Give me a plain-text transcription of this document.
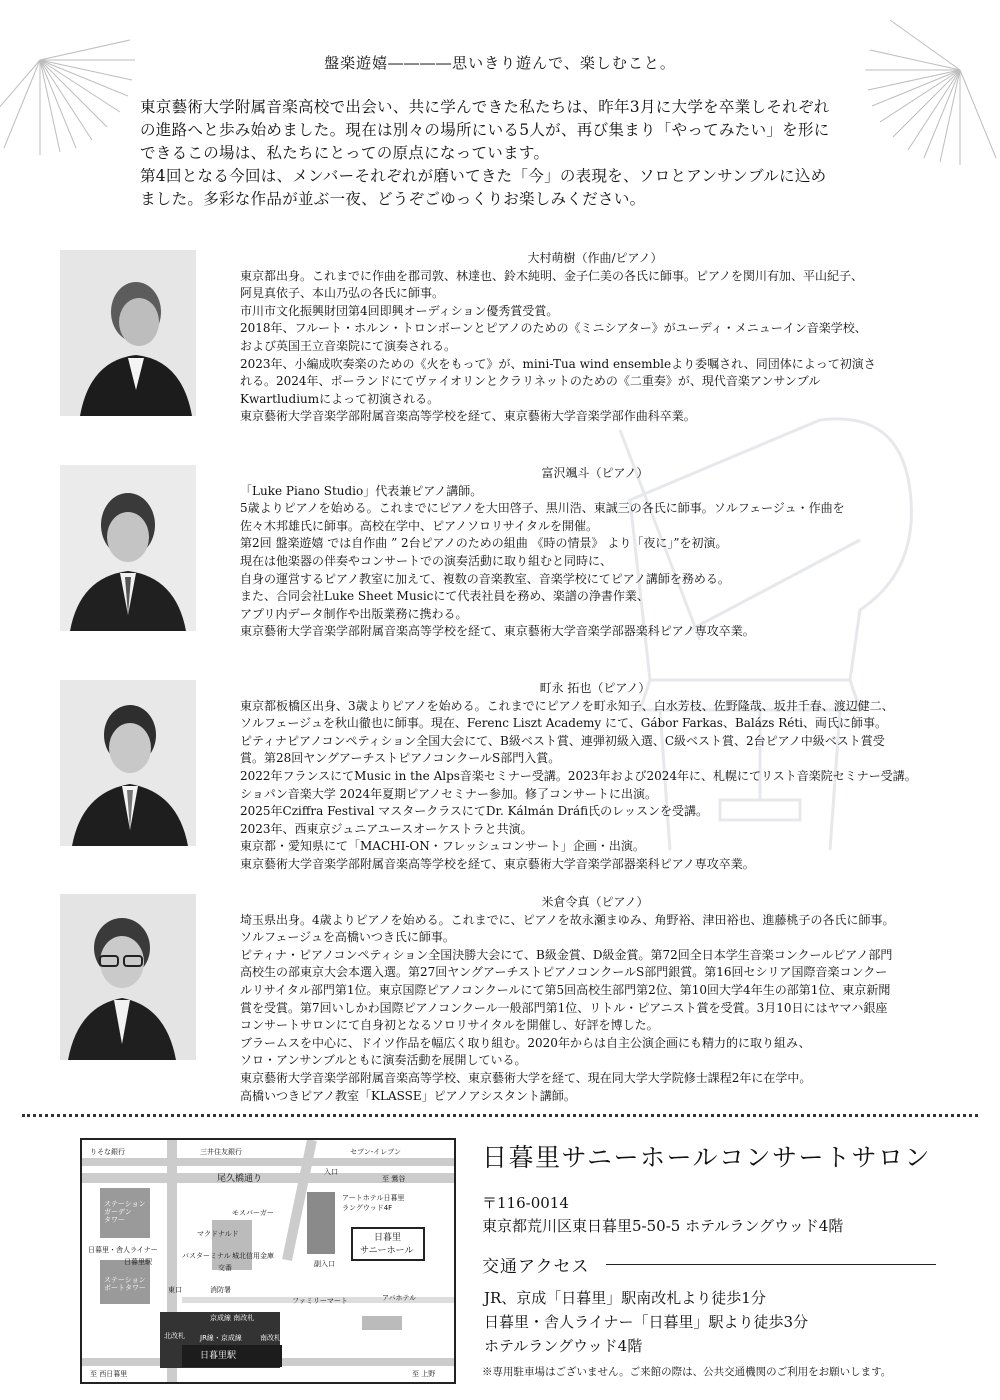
盤楽遊嬉――――思いきり遊んで、楽しむこと。

東京藝術大学附属音楽高校で出会い、共に学んできた私たちは、昨年3月に大学を卒業しそれぞれ

の進路へと歩み始めました。現在は別々の場所にいる5人が、再び集まり「やってみたい」を形に

できるこの場は、私たちにとっての原点になっています。

第4回となる今回は、メンバーそれぞれが磨いてきた「今」の表現を、ソロとアンサンブルに込め

ました。多彩な作品が並ぶ一夜、どうぞごゆっくりお楽しみください。

大村萌樹（作曲/ピアノ）
東京都出身。これまでに作曲を郡司敦、林達也、鈴木純明、金子仁美の各氏に師事。ピアノを関川有加、平山紀子、
阿見真依子、本山乃弘の各氏に師事。
市川市文化振興財団第4回即興オーディション優秀賞受賞。
2018年、フルート・ホルン・トロンボーンとピアノのための《ミニシアター》がユーディ・メニューイン音楽学校、
および英国王立音楽院にて演奏される。
2023年、小編成吹奏楽のための《火をもって》が、mini-Tua wind ensembleより委嘱され、同団体によって初演さ
れる。2024年、ポーランドにてヴァイオリンとクラリネットのための《二重奏》が、現代音楽アンサンブル
Kwartludiumによって初演される。
東京藝術大学音楽学部附属音楽高等学校を経て、東京藝術大学音楽学部作曲科卒業。
富沢颯斗（ピアノ）
「Luke Piano Studio」代表兼ピアノ講師。
5歳よりピアノを始める。これまでにピアノを大田啓子、黒川浩、東誠三の各氏に師事。ソルフェージュ・作曲を
佐々木邦雄氏に師事。高校在学中、ピアノソロリサイタルを開催。
第2回 盤楽遊嬉 では自作曲 ” 2台ピアノのための組曲 《時の情景》 より「夜に」”を初演。
現在は他楽器の伴奏やコンサートでの演奏活動に取り組むと同時に、
自身の運営するピアノ教室に加えて、複数の音楽教室、音楽学校にてピアノ講師を務める。
また、合同会社Luke Sheet Musicにて代表社員を務め、楽譜の浄書作業、
アプリ内データ制作や出版業務に携わる。
東京藝術大学音楽学部附属音楽高等学校を経て、東京藝術大学音楽学部器楽科ピアノ専攻卒業。
町永 拓也（ピアノ）
東京都板橋区出身、3歳よりピアノを始める。これまでにピアノを町永知子、白水芳枝、佐野隆哉、坂井千春、渡辺健二、
ソルフェージュを秋山徹也に師事。現在、Ferenc Liszt Academy にて、Gábor Farkas、Balázs Réti、両氏に師事。
ピティナピアノコンペティション全国大会にて、B級ベスト賞、連弾初級入選、C級ベスト賞、2台ピアノ中級ベスト賞受
賞。第28回ヤングアーチストピアノコンクールS部門入賞。
2022年フランスにてMusic in the Alps音楽セミナー受講。2023年および2024年に、札幌にてリスト音楽院セミナー受講。
ショパン音楽大学 2024年夏期ピアノセミナー参加。修了コンサートに出演。
2025年Cziffra Festival マスタークラスにてDr. Kálmán Dráfi氏のレッスンを受講。
2023年、西東京ジュニアユースオーケストラと共演。
東京都・愛知県にて「MACHI-ON・フレッシュコンサート」企画・出演。
東京藝術大学音楽学部附属音楽高等学校を経て、東京藝術大学音楽学部器楽科ピアノ専攻卒業。
米倉令真（ピアノ）
埼玉県出身。4歳よりピアノを始める。これまでに、ピアノを故永瀬まゆみ、角野裕、津田裕也、進藤桃子の各氏に師事。
ソルフェージュを高橋いつき氏に師事。
ピティナ・ピアノコンペティション全国決勝大会にて、B級金賞、D級金賞。第72回全日本学生音楽コンクールピアノ部門
高校生の部東京大会本選入選。第27回ヤングアーチストピアノコンクールS部門銀賞。第16回セシリア国際音楽コンクー
ルリサイタル部門第1位。東京国際ピアノコンクールにて第5回高校生部門第2位、第10回大学4年生の部第1位、東京新聞
賞を受賞。第7回いしかわ国際ピアノコンクール一般部門第1位、リトル・ピアニスト賞を受賞。3月10日にはヤマハ銀座
コンサートサロンにて自身初となるソロリサイタルを開催し、好評を博した。
ブラームスを中心に、ドイツ作品を幅広く取り組む。2020年からは自主公演企画にも精力的に取り組み、
ソロ・アンサンブルともに演奏活動を展開している。
東京藝術大学音楽学部附属音楽高等学校、東京藝術大学を経て、現在同大学大学院修士課程2年に在学中。
高橋いつきピアノ教室「KLASSE」ピアノアシスタント講師。
りそな銀行	三井住友銀行	セブン-イレブン
尾久橋通り
入口
至 鶯谷
アートホテル日暮里
ラングウッド4F
ステーションガーデンタワー
モスバーガー
日暮里
サニーホール
マクドナルド
日暮里・舎人ライナー
日暮里駅
バスターミナル
交番
城北信用金庫
副入口
ステーションポートタワー	東口	消防署
ファミリーマート	アパホテル
京成線 南改札
北改札 JR線・京成線
日暮里駅
南改札
至 西日暮里	至 上野
日暮里サニーホールコンサートサロン
〒116-0014
東京都荒川区東日暮里5-50-5 ホテルラングウッド4階
交通アクセス
JR、京成「日暮里」駅南改札より徒歩1分
日暮里・舎人ライナー「日暮里」駅より徒歩3分
ホテルラングウッド4階
※専用駐車場はございません。ご来館の際は、公共交通機関のご利用をお願いします。
